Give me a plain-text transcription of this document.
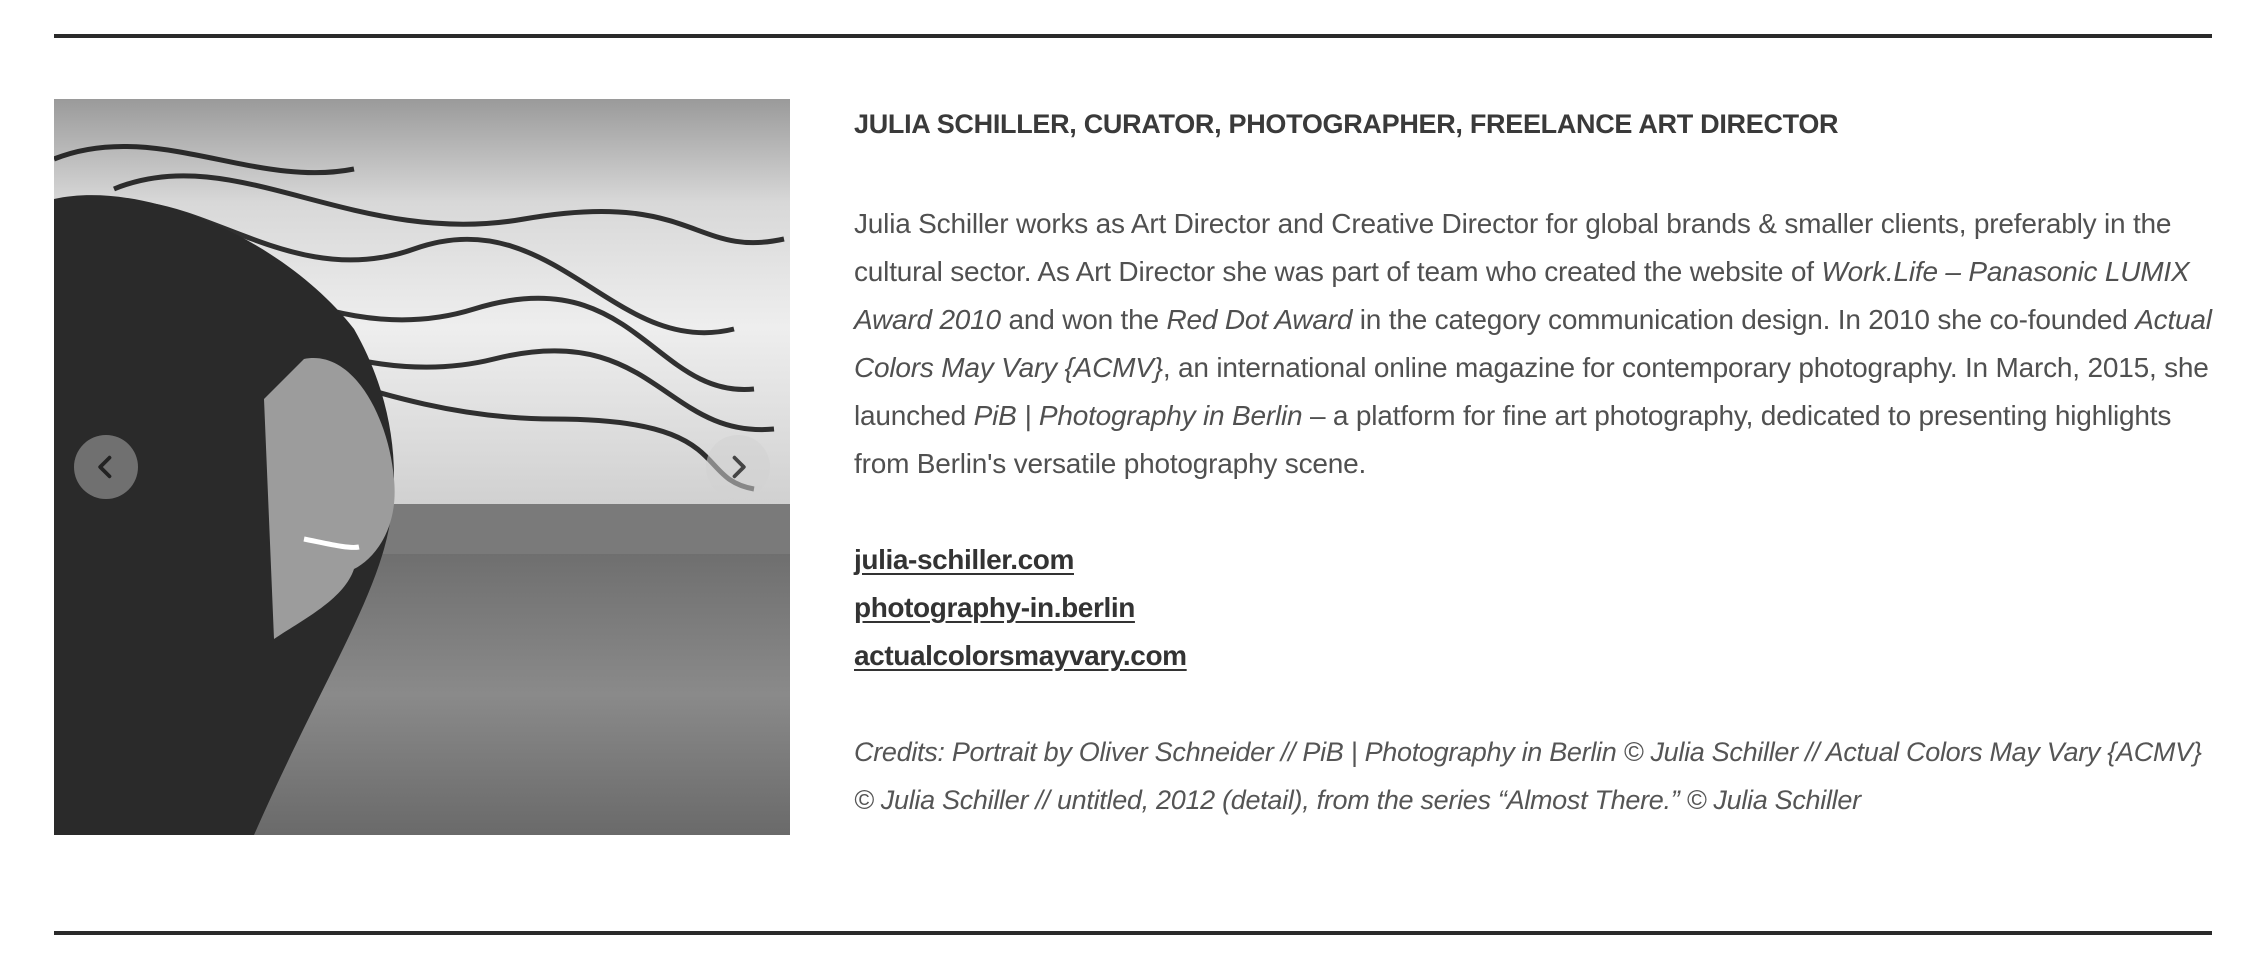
JULIA SCHILLER, CURATOR, PHOTOGRAPHER, FREELANCE ART DIRECTOR

Julia Schiller works as Art Director and Creative Director for global brands & smaller clients, preferably in the cultural sector. As Art Director she was part of team who created the website of Work.Life – Panasonic LUMIX Award 2010 and won the Red Dot Award in the category communication design. In 2010 she co-founded Actual Colors May Vary {ACMV}, an international online magazine for contemporary photography. In March, 2015, she launched PiB | Photography in Berlin – a platform for fine art photography, dedicated to presenting highlights from Berlin's versatile photography scene.

julia-schiller.com
photography-in.berlin
actualcolorsmayvary.com

Credits: Portrait by Oliver Schneider // PiB | Photography in Berlin © Julia Schiller // Actual Colors May Vary {ACMV} © Julia Schiller // untitled, 2012 (detail), from the series “Almost There.” © Julia Schiller
